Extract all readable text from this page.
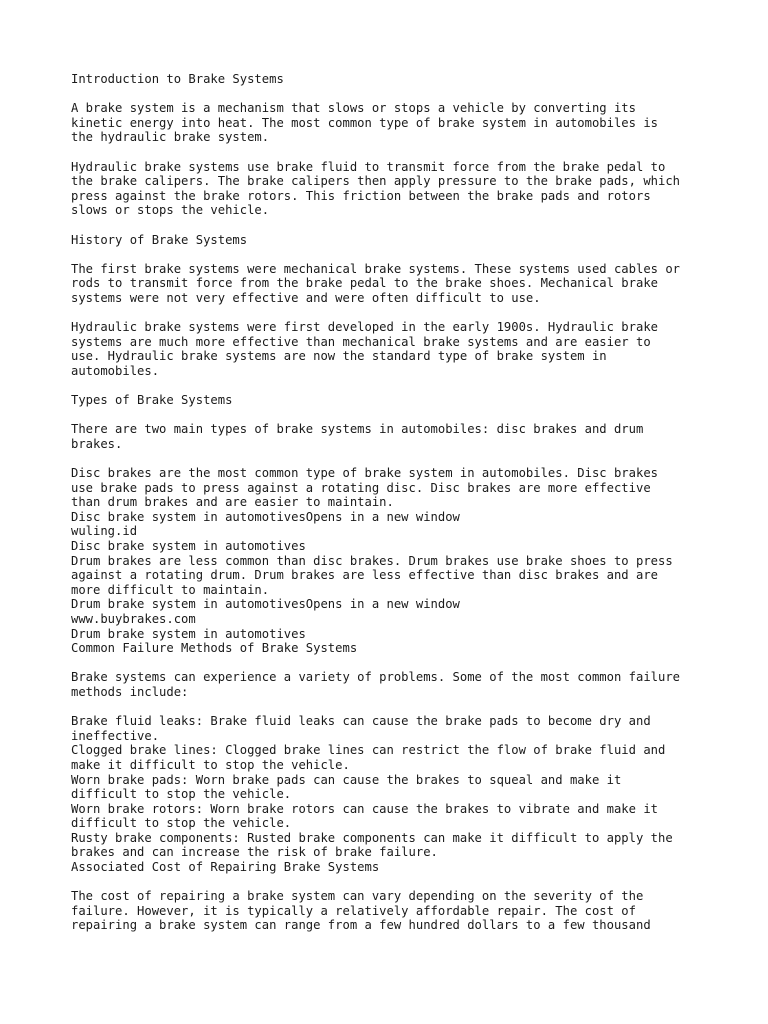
Introduction to Brake Systems
A brake system is a mechanism that slows or stops a vehicle by converting its
kinetic energy into heat. The most common type of brake system in automobiles is
the hydraulic brake system.
Hydraulic brake systems use brake fluid to transmit force from the brake pedal to
the brake calipers. The brake calipers then apply pressure to the brake pads, which
press against the brake rotors. This friction between the brake pads and rotors
slows or stops the vehicle.
History of Brake Systems
The first brake systems were mechanical brake systems. These systems used cables or
rods to transmit force from the brake pedal to the brake shoes. Mechanical brake
systems were not very effective and were often difficult to use.
Hydraulic brake systems were first developed in the early 1900s. Hydraulic brake
systems are much more effective than mechanical brake systems and are easier to
use. Hydraulic brake systems are now the standard type of brake system in
automobiles.
Types of Brake Systems
There are two main types of brake systems in automobiles: disc brakes and drum
brakes.
Disc brakes are the most common type of brake system in automobiles. Disc brakes
use brake pads to press against a rotating disc. Disc brakes are more effective
than drum brakes and are easier to maintain.
Disc brake system in automotivesOpens in a new window
wuling.id
Disc brake system in automotives
Drum brakes are less common than disc brakes. Drum brakes use brake shoes to press
against a rotating drum. Drum brakes are less effective than disc brakes and are
more difficult to maintain.
Drum brake system in automotivesOpens in a new window
www.buybrakes.com
Drum brake system in automotives
Common Failure Methods of Brake Systems
Brake systems can experience a variety of problems. Some of the most common failure
methods include:
Brake fluid leaks: Brake fluid leaks can cause the brake pads to become dry and
ineffective.
Clogged brake lines: Clogged brake lines can restrict the flow of brake fluid and
make it difficult to stop the vehicle.
Worn brake pads: Worn brake pads can cause the brakes to squeal and make it
difficult to stop the vehicle.
Worn brake rotors: Worn brake rotors can cause the brakes to vibrate and make it
difficult to stop the vehicle.
Rusty brake components: Rusted brake components can make it difficult to apply the
brakes and can increase the risk of brake failure.
Associated Cost of Repairing Brake Systems
The cost of repairing a brake system can vary depending on the severity of the
failure. However, it is typically a relatively affordable repair. The cost of
repairing a brake system can range from a few hundred dollars to a few thousand
